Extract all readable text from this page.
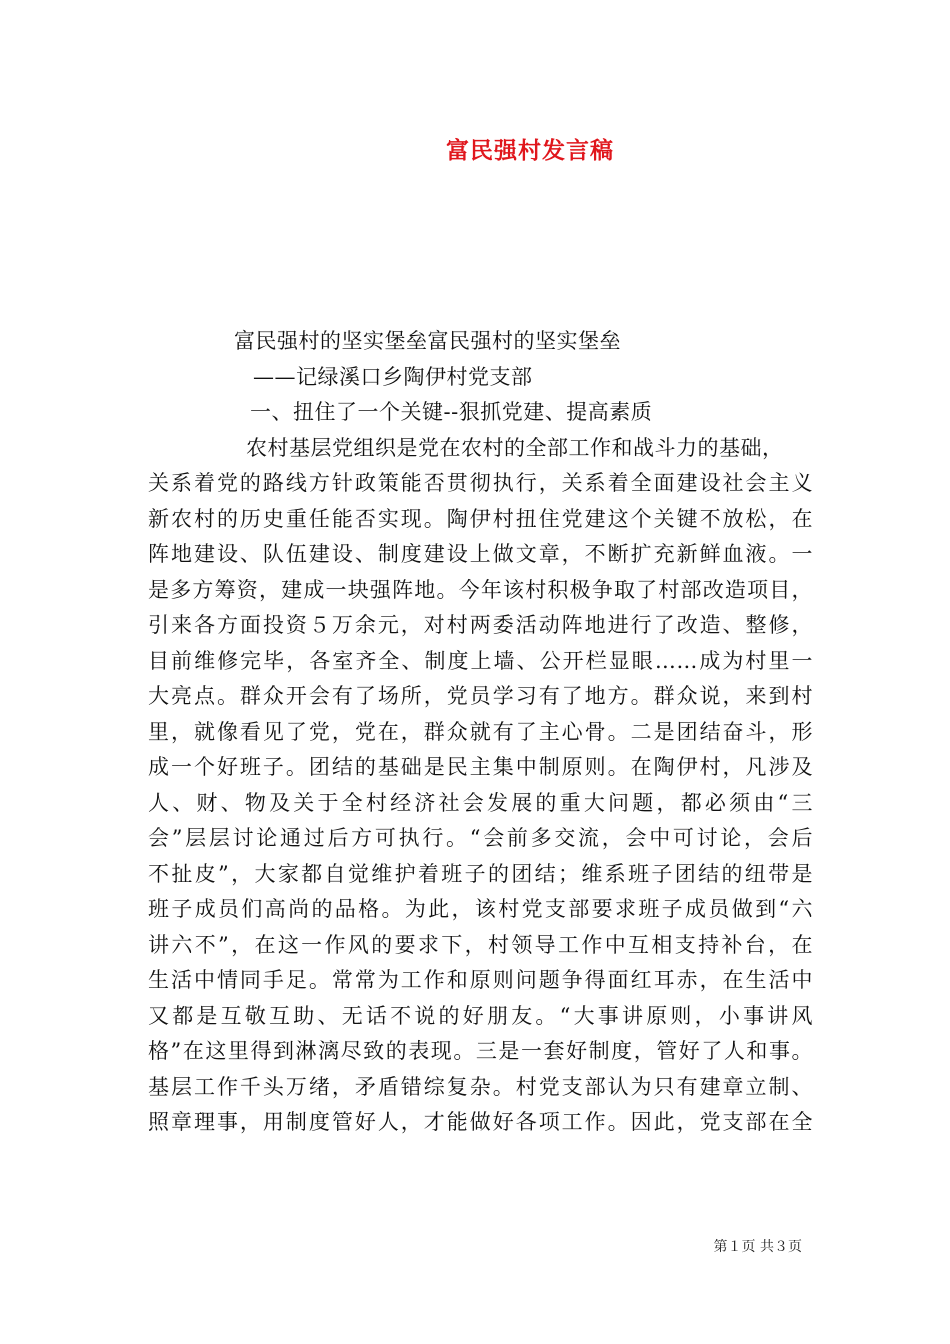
富民强村发言稿
富民强村的坚实堡垒富民强村的坚实堡垒
——记绿溪口乡陶伊村党支部
一、扭住了一个关键--狠抓党建、提高素质
农村基层党组织是党在农村的全部工作和战斗力的基础，
关系着党的路线方针政策能否贯彻执行，关系着全面建设社会主义
新农村的历史重任能否实现。陶伊村扭住党建这个关键不放松，在
阵地建设、队伍建设、制度建设上做文章，不断扩充新鲜血液。一
是多方筹资，建成一块强阵地。今年该村积极争取了村部改造项目，
引来各方面投资５万余元，对村两委活动阵地进行了改造、整修，
目前维修完毕，各室齐全、制度上墙、公开栏显眼……成为村里一
大亮点。群众开会有了场所，党员学习有了地方。群众说，来到村
里，就像看见了党，党在，群众就有了主心骨。二是团结奋斗，形
成一个好班子。团结的基础是民主集中制原则。在陶伊村，凡涉及
人、财、物及关于全村经济社会发展的重大问题，都必须由“三
会”层层讨论通过后方可执行。“会前多交流，会中可讨论，会后
不扯皮”，大家都自觉维护着班子的团结；维系班子团结的纽带是
班子成员们高尚的品格。为此，该村党支部要求班子成员做到“六
讲六不”，在这一作风的要求下，村领导工作中互相支持补台，在
生活中情同手足。常常为工作和原则问题争得面红耳赤，在生活中
又都是互敬互助、无话不说的好朋友。“大事讲原则，小事讲风
格”在这里得到淋漓尽致的表现。三是一套好制度，管好了人和事。
基层工作千头万绪，矛盾错综复杂。村党支部认为只有建章立制、
照章理事，用制度管好人，才能做好各项工作。因此，党支部在全
第１页 共３页
